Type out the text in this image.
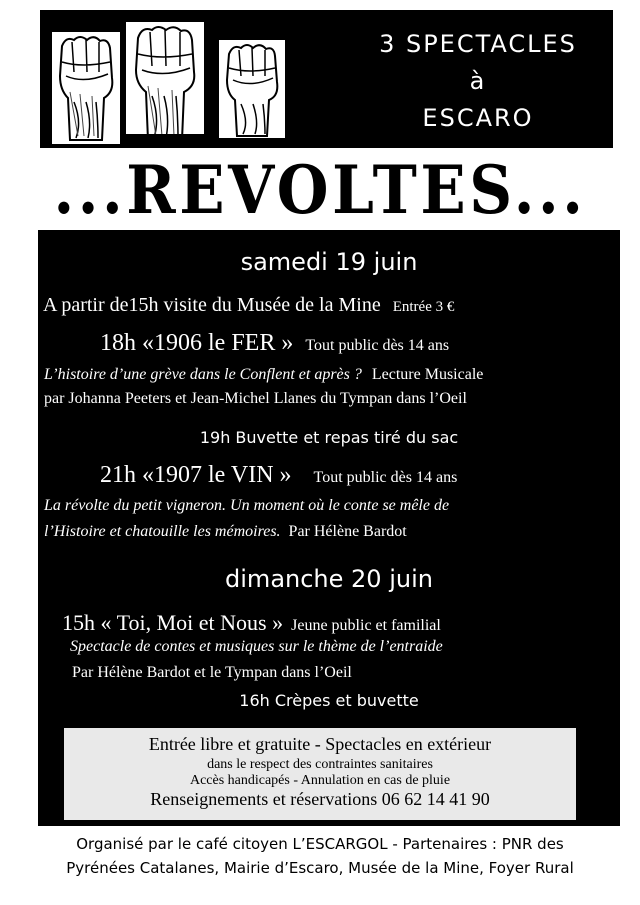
3 SPECTACLES
à
ESCARO
...REVOLTES...
samedi 19 juin
A partir de15h visite du Musée de la Mine Entrée 3 €
18h «1906 le FER » Tout public dès 14 ans
L’histoire d’une grève dans le Conflent et après ? Lecture Musicale
par Johanna Peeters et Jean-Michel Llanes du Tympan dans l’Oeil
19h Buvette et repas tiré du sac
21h «1907 le VIN » Tout public dès 14 ans
La révolte du petit vigneron. Un moment où le conte se mêle de
l’Histoire et chatouille les mémoires. Par Hélène Bardot
dimanche 20 juin
15h « Toi, Moi et Nous » Jeune public et familial
Spectacle de contes et musiques sur le thème de l’entraide
Par Hélène Bardot et le Tympan dans l’Oeil
16h Crèpes et buvette
Entrée libre et gratuite - Spectacles en extérieur
dans le respect des contraintes sanitaires
Accès handicapés - Annulation en cas de pluie
Renseignements et réservations 06 62 14 41 90
Organisé par le café citoyen L’ESCARGOL - Partenaires : PNR des
Pyrénées Catalanes, Mairie d’Escaro, Musée de la Mine, Foyer Rural
